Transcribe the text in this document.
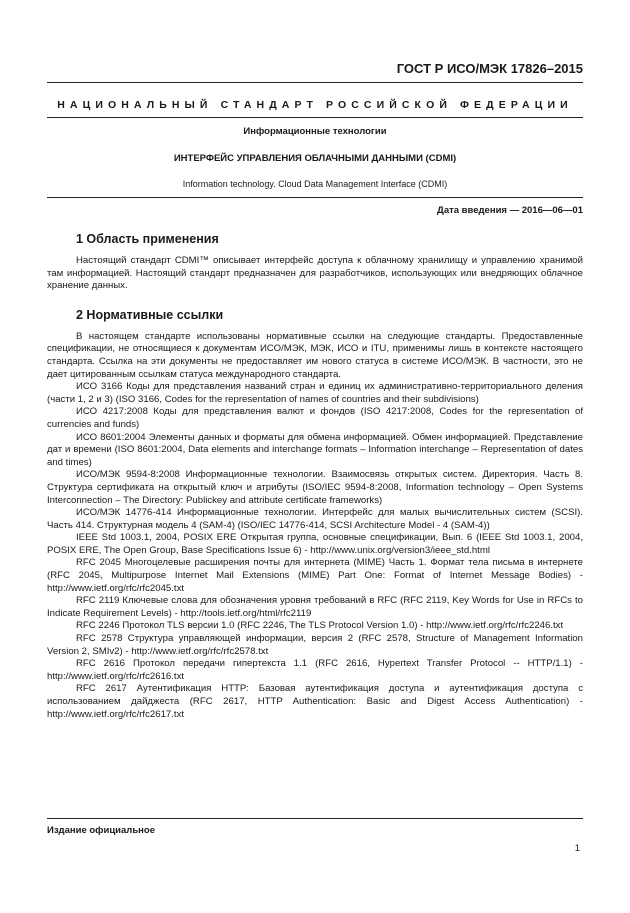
ГОСТ Р ИСО/МЭК 17826–2015
НАЦИОНАЛЬНЫЙ СТАНДАРТ РОССИЙСКОЙ ФЕДЕРАЦИИ
Информационные технологии
ИНТЕРФЕЙС УПРАВЛЕНИЯ ОБЛАЧНЫМИ ДАННЫМИ (CDMI)
Information technology. Cloud Data Management Interface (CDMI)
Дата введения — 2016—06—01
1 Область применения

Настоящий стандарт CDMI™ описывает интерфейс доступа к облачному хранилищу и управлению хранимой там информацией. Настоящий стандарт предназначен для разработчиков, использующих или внедряющих облачное хранение данных.

2 Нормативные ссылки

В настоящем стандарте использованы нормативные ссылки на следующие стандарты. Предоставленные спецификации, не относящиеся к документам ИСО/МЭК, МЭК, ИСО и ITU, применимы лишь в контексте настоящего стандарта. Ссылка на эти документы не предоставляет им нового статуса в системе ИСО/МЭК. В частности, это не дает цитированным ссылкам статуса международного стандарта.

ИСО 3166 Коды для представления названий стран и единиц их административно-территориального деления (части 1, 2 и 3) (ISO 3166, Codes for the representation of names of countries and their subdivisions)

ИСО 4217:2008 Коды для представления валют и фондов (ISO 4217:2008, Codes for the representation of currencies and funds)

ИСО 8601:2004 Элементы данных и форматы для обмена информацией. Обмен информацией. Представление дат и времени (ISO 8601:2004, Data elements and interchange formats – Information interchange – Representation of dates and times)

ИСО/МЭК 9594-8:2008 Информационные технологии. Взаимосвязь открытых систем. Директория. Часть 8. Структура сертификата на открытый ключ и атрибуты (ISO/IEC 9594-8:2008, Information technology – Open Systems Interconnection – The Directory: Publickey and attribute certificate frameworks)

ИСО/МЭК 14776-414 Информационные технологии. Интерфейс для малых вычислительных систем (SCSI). Часть 414. Структурная модель 4 (SAM-4) (ISO/IEC 14776-414, SCSI Architecture Model - 4 (SAM-4))

IEEE Std 1003.1, 2004, POSIX ERE Открытая группа, основные спецификации, Вып. 6 (IEEE Std 1003.1, 2004, POSIX ERE, The Open Group, Base Specifications Issue 6) - http://www.unix.org/version3/ieee_std.html

RFC 2045 Многоцелевые расширения почты для интернета (MIME) Часть 1. Формат тела письма в интернете (RFC 2045, Multipurpose Internet Mail Extensions (MIME) Part One: Format of Internet Message Bodies) - http://www.ietf.org/rfc/rfc2045.txt

RFC 2119 Ключевые слова для обозначения уровня требований в RFC (RFC 2119, Key Words for Use in RFCs to Indicate Requirement Levels) - http://tools.ietf.org/html/rfc2119

RFC 2246 Протокол TLS версии 1.0 (RFC 2246, The TLS Protocol Version 1.0) - http://www.ietf.org/rfc/rfc2246.txt

RFC 2578 Структура управляющей информации, версия 2 (RFC 2578, Structure of Management Information Version 2, SMIv2) - http://www.ietf.org/rfc/rfc2578.txt

RFC 2616 Протокол передачи гипертекста 1.1 (RFC 2616, Hypertext Transfer Protocol -- HTTP/1.1) - http://www.ietf.org/rfc/rfc2616.txt

RFC 2617 Аутентификация HTTP: Базовая аутентификация доступа и аутентификация доступа с использованием дайджеста (RFC 2617, HTTP Authentication: Basic and Digest Access Authentication) - http://www.ietf.org/rfc/rfc2617.txt

Издание официальное
1
